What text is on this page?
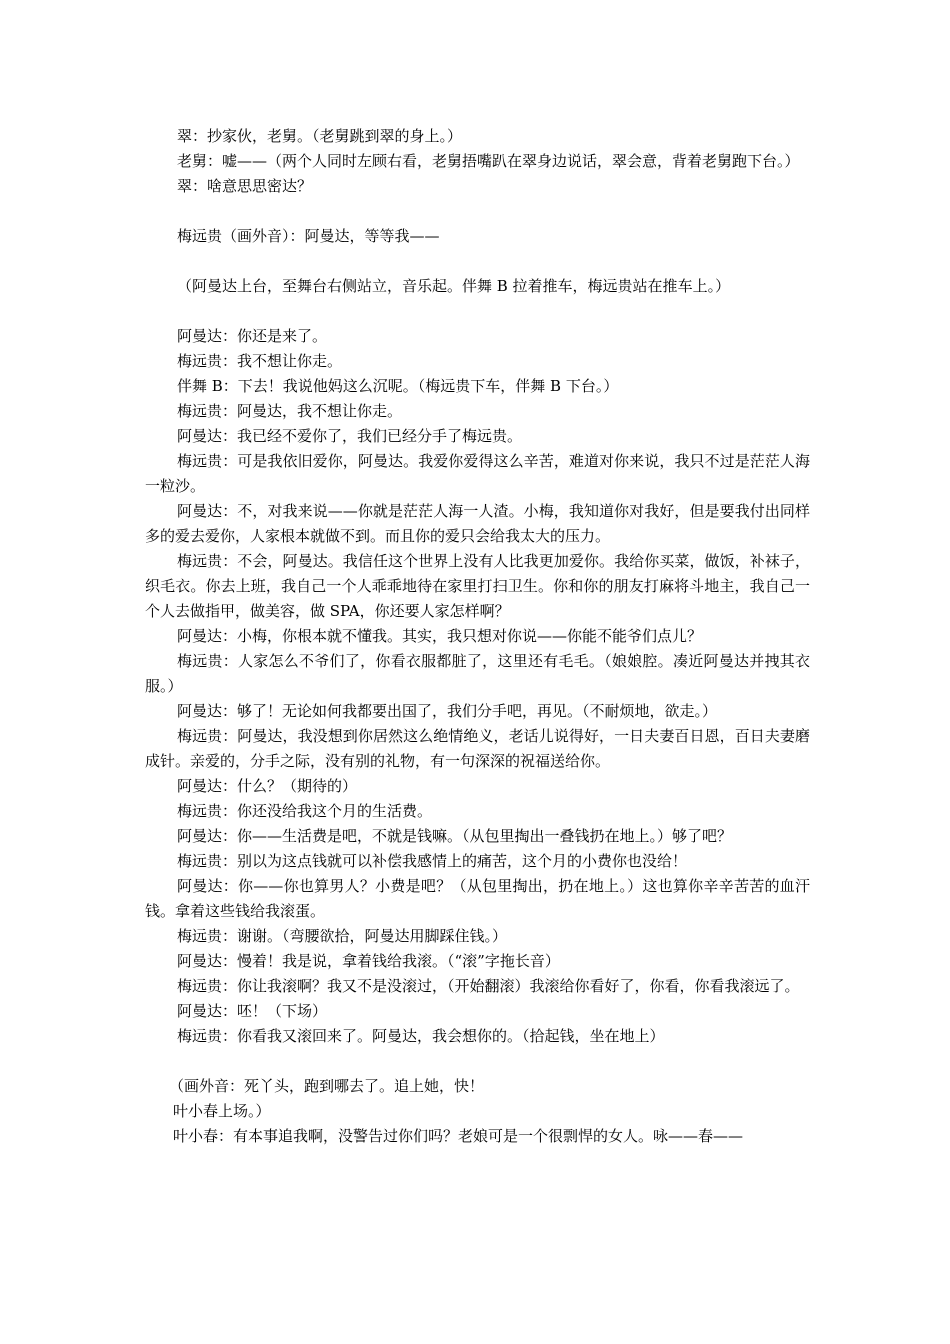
翠：抄家伙，老舅。（老舅跳到翠的身上。）

老舅：嘘——（两个人同时左顾右看，老舅捂嘴趴在翠身边说话，翠会意，背着老舅跑下台。）

翠：啥意思思密达？

梅远贵（画外音）：阿曼达，等等我——

（阿曼达上台，至舞台右侧站立，音乐起。伴舞 B 拉着推车，梅远贵站在推车上。）

阿曼达：你还是来了。

梅远贵：我不想让你走。

伴舞 B：下去！我说他妈这么沉呢。（梅远贵下车，伴舞 B 下台。）

梅远贵：阿曼达，我不想让你走。

阿曼达：我已经不爱你了，我们已经分手了梅远贵。

梅远贵：可是我依旧爱你，阿曼达。我爱你爱得这么辛苦，难道对你来说，我只不过是茫茫人海一粒沙。

阿曼达：不，对我来说——你就是茫茫人海一人渣。小梅，我知道你对我好，但是要我付出同样多的爱去爱你，人家根本就做不到。而且你的爱只会给我太大的压力。

梅远贵：不会，阿曼达。我信任这个世界上没有人比我更加爱你。我给你买菜，做饭，补袜子，织毛衣。你去上班，我自己一个人乖乖地待在家里打扫卫生。你和你的朋友打麻将斗地主，我自己一个人去做指甲，做美容，做 SPA，你还要人家怎样啊？

阿曼达：小梅，你根本就不懂我。其实，我只想对你说——你能不能爷们点儿？

梅远贵：人家怎么不爷们了，你看衣服都脏了，这里还有毛毛。（娘娘腔。凑近阿曼达并拽其衣服。）

阿曼达：够了！无论如何我都要出国了，我们分手吧，再见。（不耐烦地，欲走。）

梅远贵：阿曼达，我没想到你居然这么绝情绝义，老话儿说得好，一日夫妻百日恩，百日夫妻磨成针。亲爱的，分手之际，没有别的礼物，有一句深深的祝福送给你。

阿曼达：什么？（期待的）

梅远贵：你还没给我这个月的生活费。

阿曼达：你——生活费是吧，不就是钱嘛。（从包里掏出一叠钱扔在地上。）够了吧？

梅远贵：别以为这点钱就可以补偿我感情上的痛苦，这个月的小费你也没给！

阿曼达：你——你也算男人？小费是吧？（从包里掏出，扔在地上。）这也算你辛辛苦苦的血汗钱。拿着这些钱给我滚蛋。

梅远贵：谢谢。（弯腰欲拾，阿曼达用脚踩住钱。）

阿曼达：慢着！我是说，拿着钱给我滚。（“滚”字拖长音）

梅远贵：你让我滚啊？我又不是没滚过，（开始翻滚）我滚给你看好了，你看，你看我滚远了。

阿曼达：呸！（下场）

梅远贵：你看我又滚回来了。阿曼达，我会想你的。（拾起钱，坐在地上）

（画外音：死丫头，跑到哪去了。追上她，快！

叶小春上场。）

叶小春：有本事追我啊，没警告过你们吗？老娘可是一个很剽悍的女人。咏——春——
